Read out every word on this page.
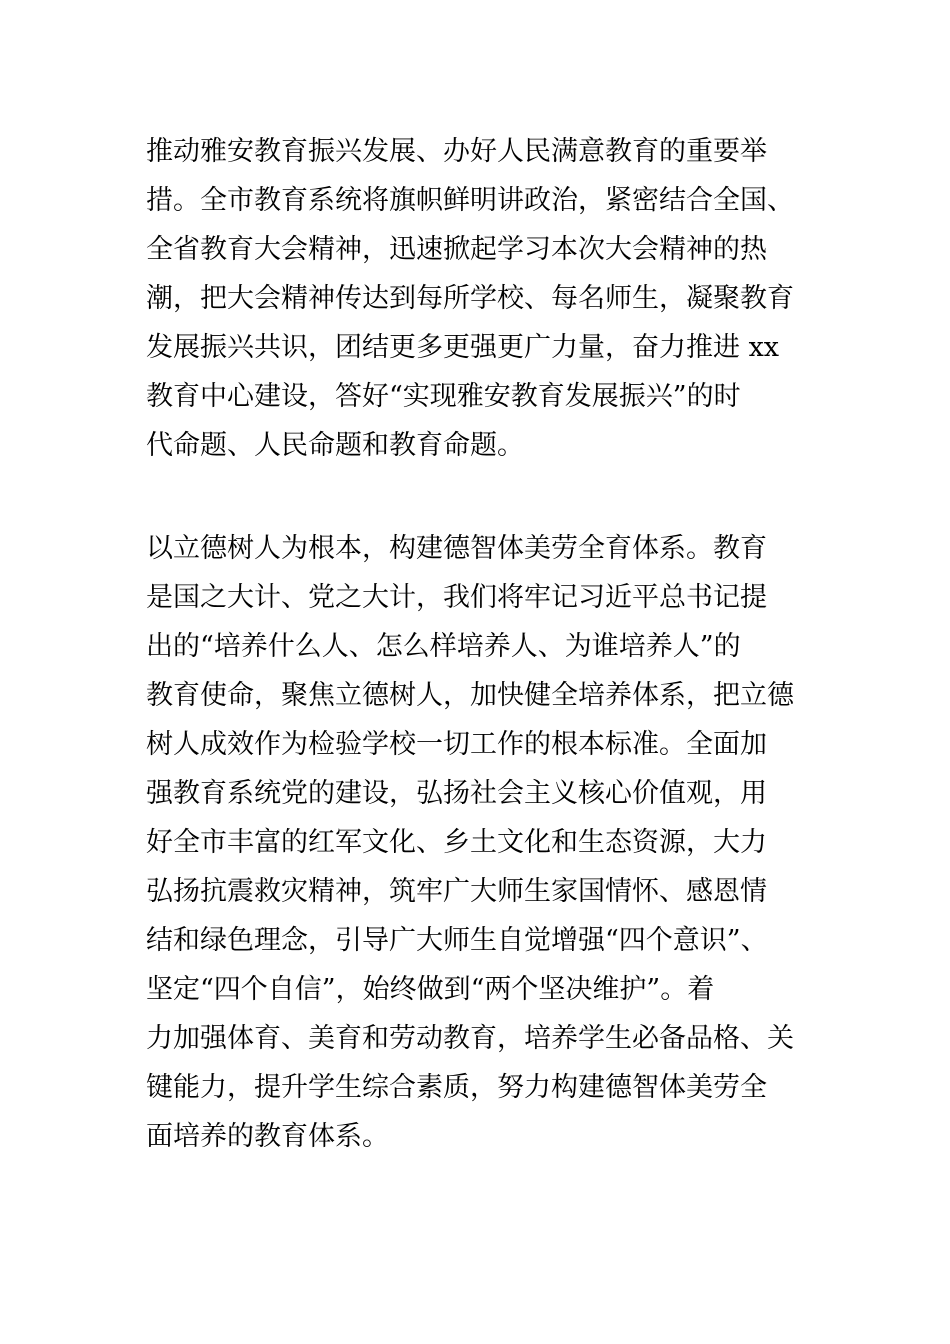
推动雅安教育振兴发展、办好人民满意教育的重要举
措。全市教育系统将旗帜鲜明讲政治，紧密结合全国、
全省教育大会精神，迅速掀起学习本次大会精神的热
潮，把大会精神传达到每所学校、每名师生，凝聚教育
发展振兴共识，团结更多更强更广力量，奋力推进 xx
教育中心建设，答好“实现雅安教育发展振兴”的时
代命题、人民命题和教育命题。
以立德树人为根本，构建德智体美劳全育体系。教育
是国之大计、党之大计，我们将牢记习近平总书记提
出的“培养什么人、怎么样培养人、为谁培养人”的
教育使命，聚焦立德树人，加快健全培养体系，把立德
树人成效作为检验学校一切工作的根本标准。全面加
强教育系统党的建设，弘扬社会主义核心价值观，用
好全市丰富的红军文化、乡土文化和生态资源，大力
弘扬抗震救灾精神，筑牢广大师生家国情怀、感恩情
结和绿色理念，引导广大师生自觉增强“四个意识”、
坚定“四个自信”，始终做到“两个坚决维护”。着
力加强体育、美育和劳动教育，培养学生必备品格、关
键能力，提升学生综合素质，努力构建德智体美劳全
面培养的教育体系。
